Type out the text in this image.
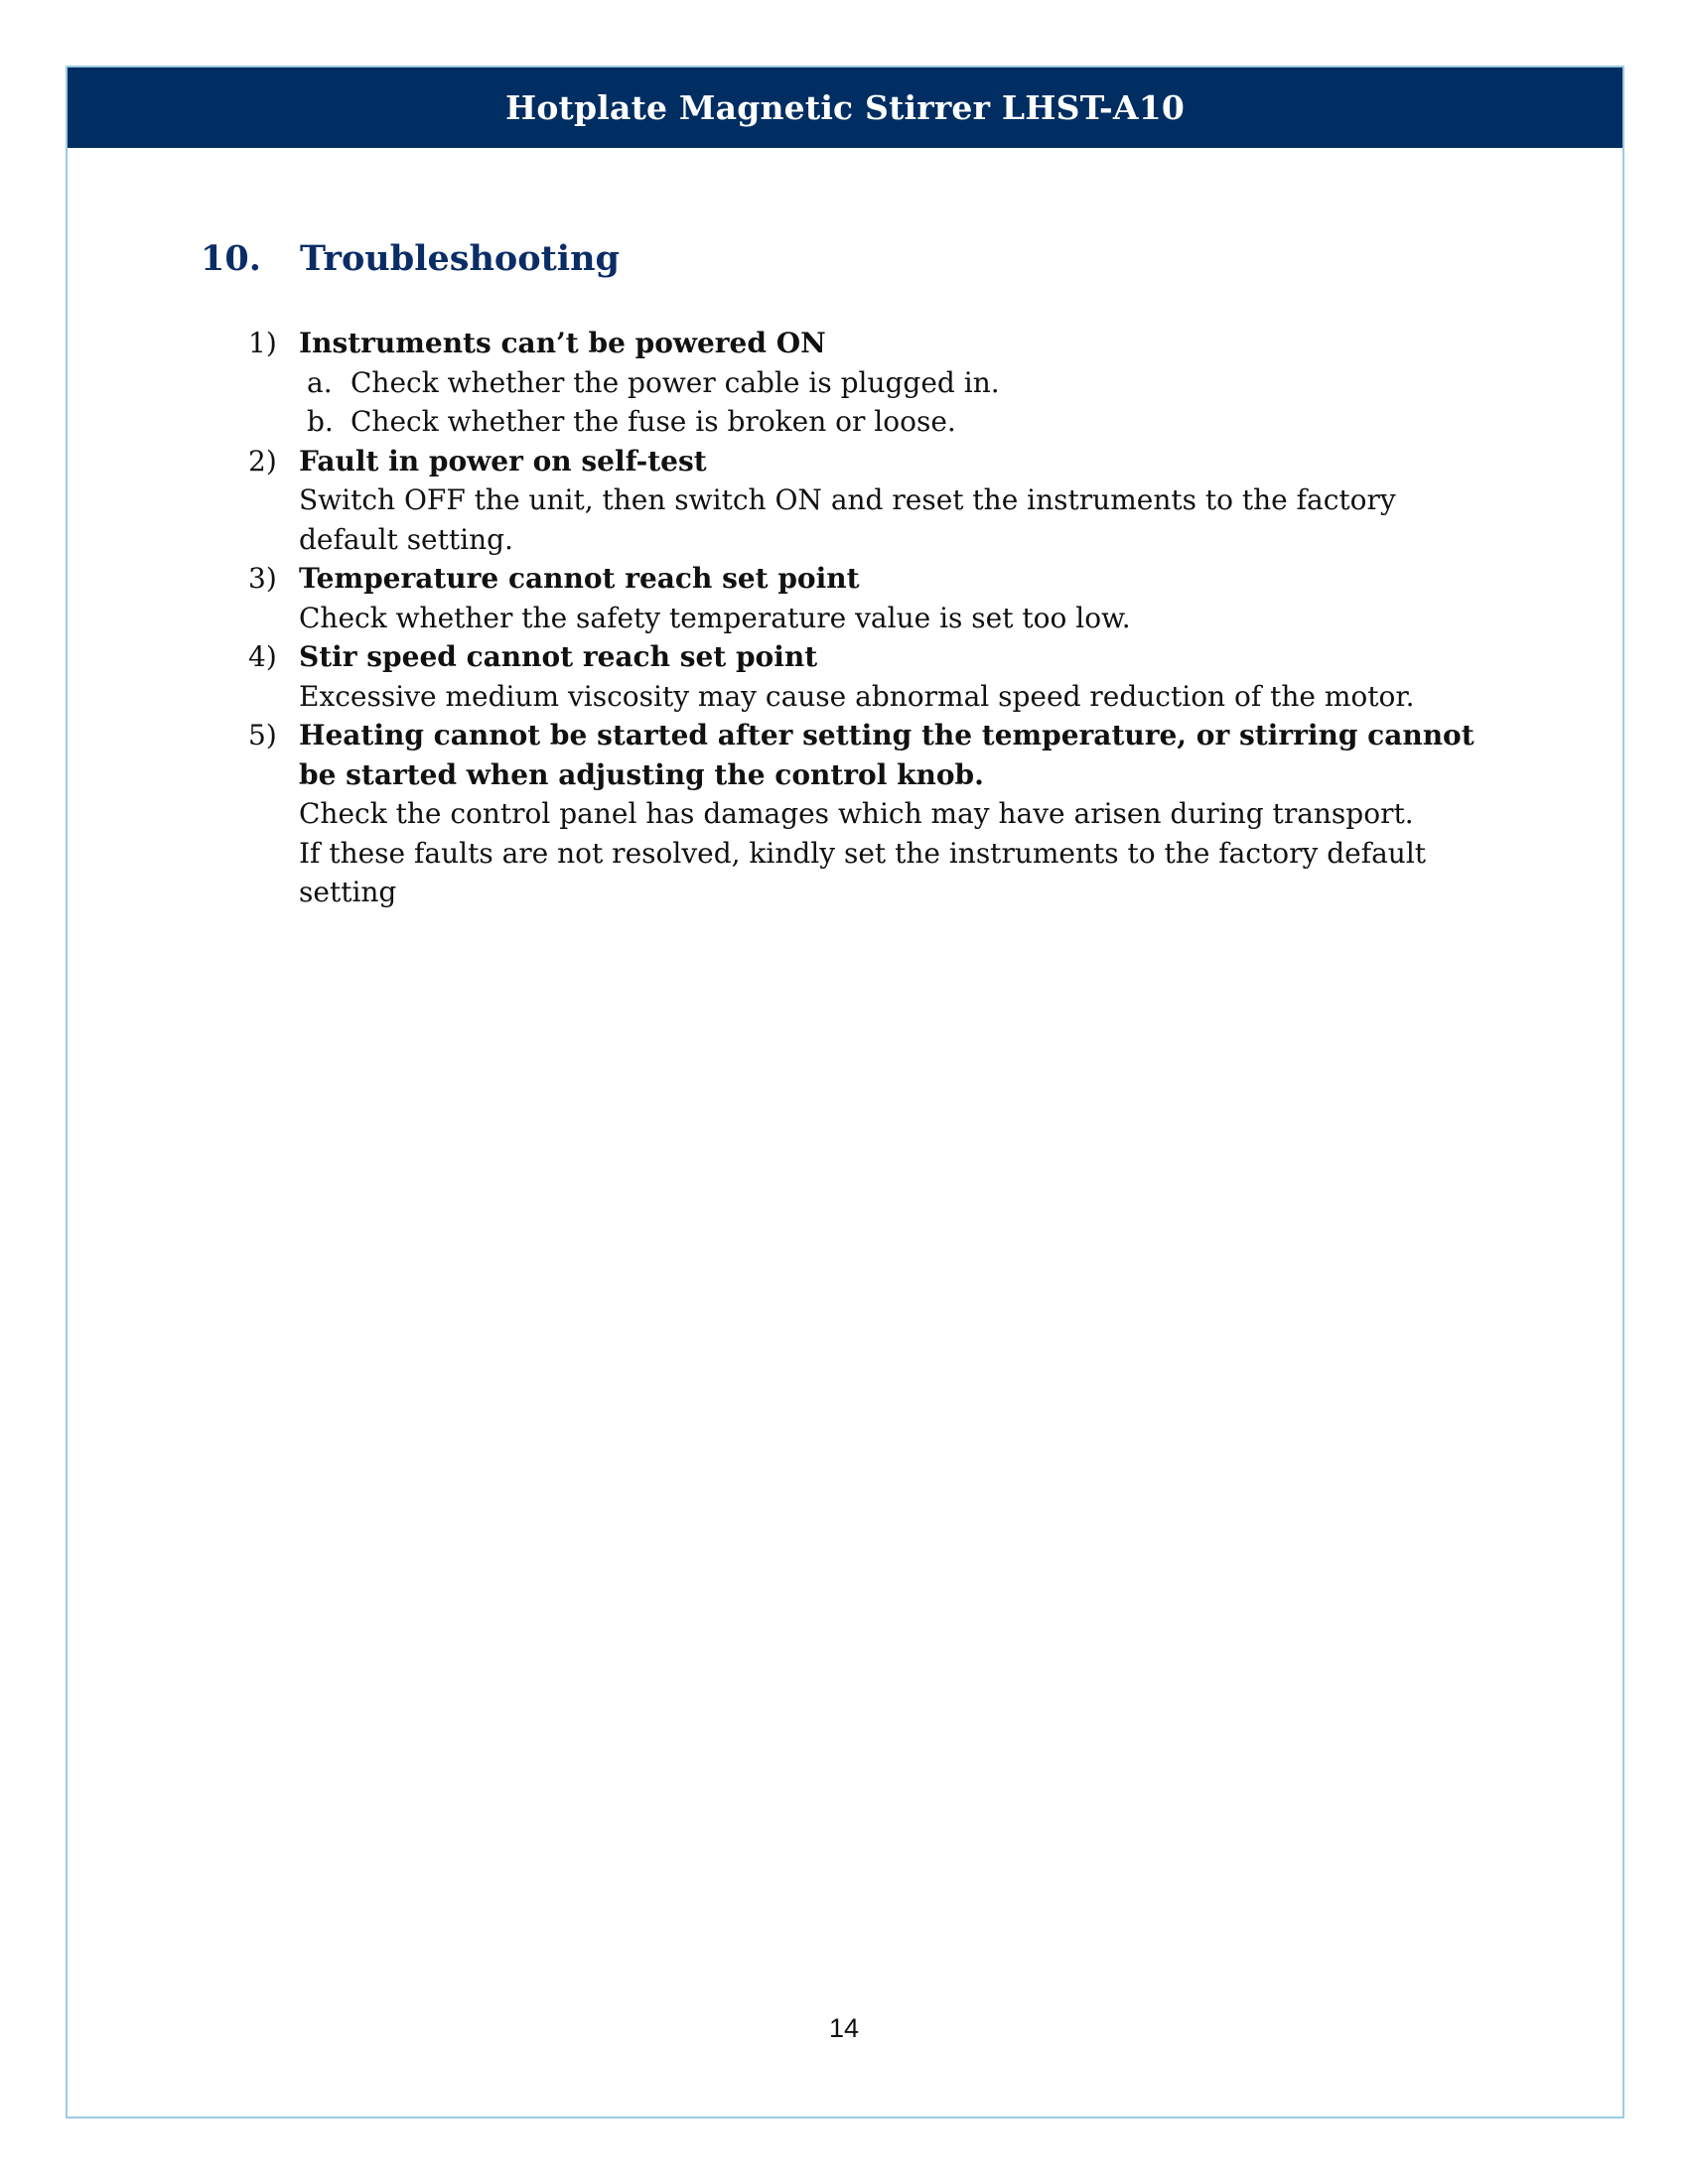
Hotplate Magnetic Stirrer LHST-A10
10.	Troubleshooting
1) Instruments can’t be powered ON
a. Check whether the power cable is plugged in.
b. Check whether the fuse is broken or loose.
2) Fault in power on self-test
Switch OFF the unit, then switch ON and reset the instruments to the factory default setting.
3) Temperature cannot reach set point
Check whether the safety temperature value is set too low.
4) Stir speed cannot reach set point
Excessive medium viscosity may cause abnormal speed reduction of the motor.
5) Heating cannot be started after setting the temperature, or stirring cannot be started when adjusting the control knob.
Check the control panel has damages which may have arisen during transport.
If these faults are not resolved, kindly set the instruments to the factory default setting
14
